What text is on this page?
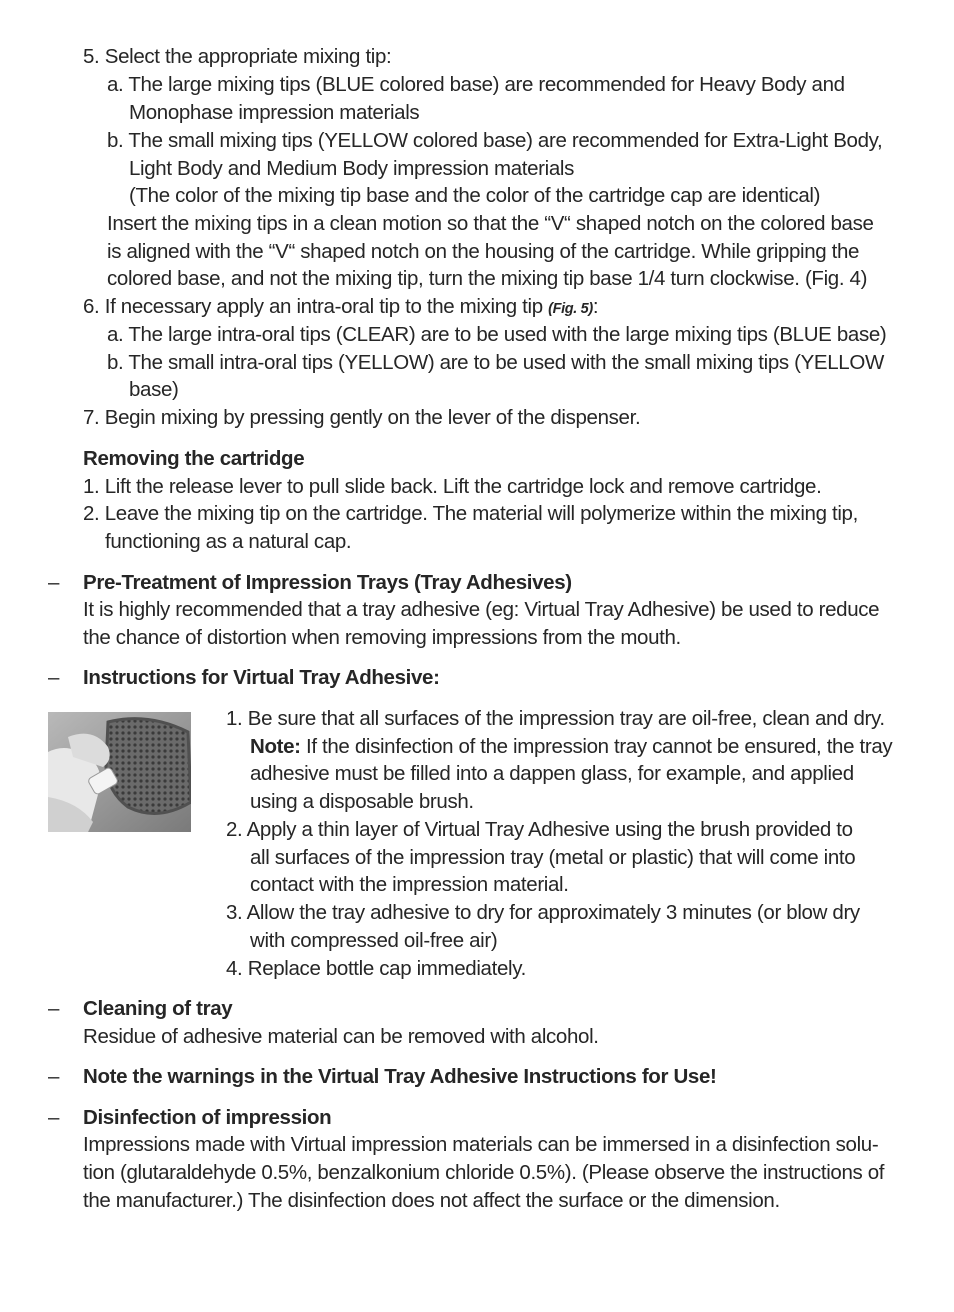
5. Select the appropriate mixing tip:
a. The large mixing tips (BLUE colored base) are recommended for Heavy Body and
Monophase impression materials
b. The small mixing tips (YELLOW colored base) are recommended for Extra-Light Body,
Light Body and Medium Body impression materials
(The color of the mixing tip base and the color of the cartridge cap are identical)
Insert the mixing tips in a clean motion so that the “V“ shaped notch on the colored base
is aligned with the “V“ shaped notch on the housing of the cartridge. While gripping the
colored base, and not the mixing tip, turn the mixing tip base 1/4 turn clockwise. (Fig. 4)
6. If necessary apply an intra-oral tip to the mixing tip (Fig. 5):
a. The large intra-oral tips (CLEAR) are to be used with the large mixing tips (BLUE base)
b. The small intra-oral tips (YELLOW) are to be used with the small mixing tips (YELLOW
base)
7. Begin mixing by pressing gently on the lever of the dispenser.
Removing the cartridge
1. Lift the release lever to pull slide back. Lift the cartridge lock and remove cartridge.
2. Leave the mixing tip on the cartridge. The material will polymerize within the mixing tip,
functioning as a natural cap.
– Pre-Treatment of Impression Trays (Tray Adhesives)
It is highly recommended that a tray adhesive (eg: Virtual Tray Adhesive) be used to reduce
the chance of distortion when removing impressions from the mouth.
– Instructions for Virtual Tray Adhesive:
1. Be sure that all surfaces of the impression tray are oil-free, clean and dry.
Note: If the disinfection of the impression tray cannot be ensured, the tray
adhesive must be filled into a dappen glass, for example, and applied
using a disposable brush.
2. Apply a thin layer of Virtual Tray Adhesive using the brush provided to
all surfaces of the impression tray (metal or plastic) that will come into
contact with the impression material.
3. Allow the tray adhesive to dry for approximately 3 minutes (or blow dry
with compressed oil-free air)
4. Replace bottle cap immediately.
– Cleaning of tray
Residue of adhesive material can be removed with alcohol.
– Note the warnings in the Virtual Tray Adhesive Instructions for Use!
– Disinfection of impression
Impressions made with Virtual impression materials can be immersed in a disinfection solu-
tion (glutaraldehyde 0.5%, benzalkonium chloride 0.5%). (Please observe the instructions of
the manufacturer.) The disinfection does not affect the surface or the dimension.
